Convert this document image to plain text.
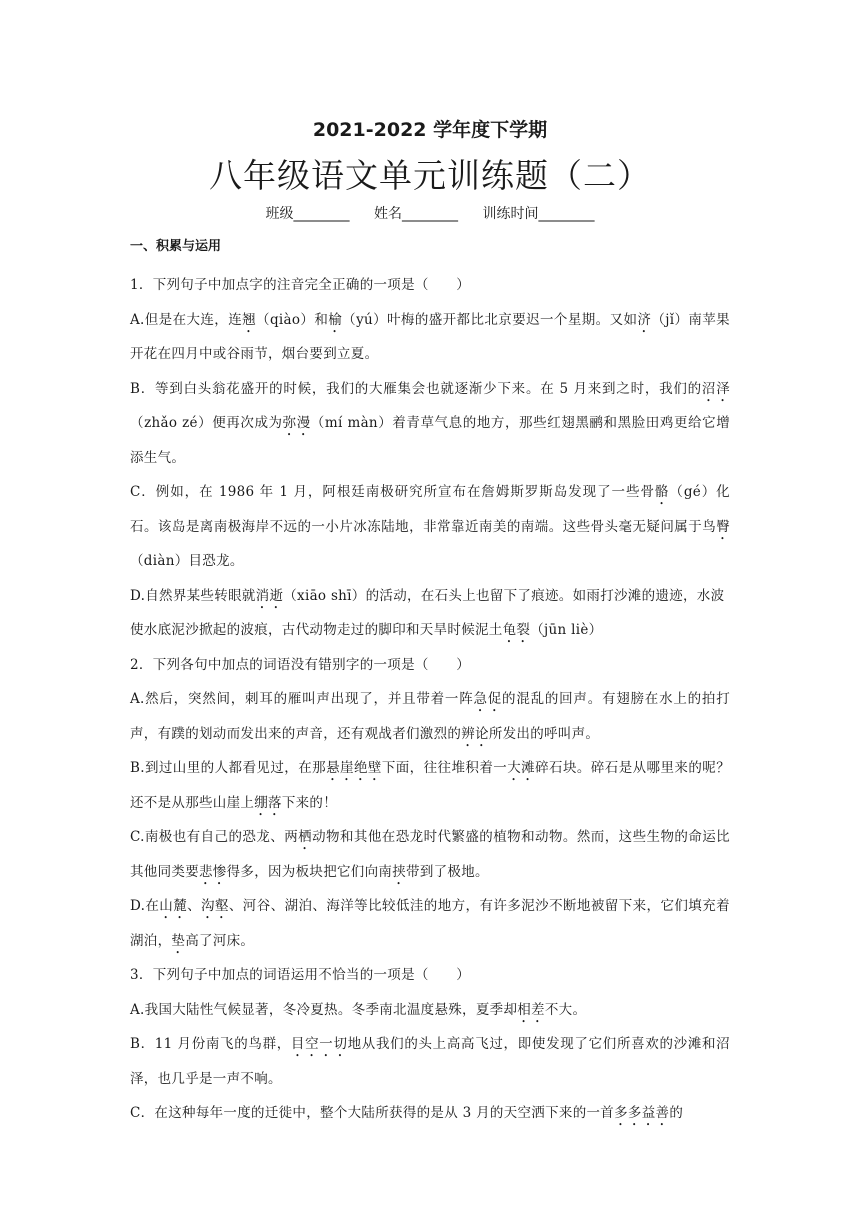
2021-2022 学年度下学期
八年级语文单元训练题（二）
班级________ 姓名________ 训练时间________
一、积累与运用

1．下列句子中加点字的注音完全正确的一项是（　　）

A.但是在大连，连翘（qiào）和榆（yú）叶梅的盛开都比北京要迟一个星期。又如济（jǐ）南苹果开花在四月中或谷雨节，烟台要到立夏。

B．等到白头翁花盛开的时候，我们的大雁集会也就逐渐少下来。在 5 月来到之时，我们的沼泽（zhǎo zé）便再次成为弥漫（mí màn）着青草气息的地方，那些红翅黑鹂和黑脸田鸡更给它增添生气。

C．例如，在 1986 年 1 月，阿根廷南极研究所宣布在詹姆斯罗斯岛发现了一些骨骼（gé）化石。该岛是离南极海岸不远的一小片冰冻陆地，非常靠近南美的南端。这些骨头毫无疑问属于鸟臀（diàn）目恐龙。

D.自然界某些转眼就消逝（xiāo shī）的活动，在石头上也留下了痕迹。如雨打沙滩的遗迹，水波使水底泥沙掀起的波痕，古代动物走过的脚印和天旱时候泥土龟裂（jūn liè）

2．下列各句中加点的词语没有错别字的一项是（　　）

A.然后，突然间，刺耳的雁叫声出现了，并且带着一阵急促的混乱的回声。有翅膀在水上的拍打声，有蹼的划动而发出来的声音，还有观战者们激烈的辨论所发出的呼叫声。

B.到过山里的人都看见过，在那悬崖绝壁下面，往往堆积着一大滩碎石块。碎石是从哪里来的呢？还不是从那些山崖上绷落下来的！

C.南极也有自己的恐龙、两栖动物和其他在恐龙时代繁盛的植物和动物。然而，这些生物的命运比其他同类要悲惨得多，因为板块把它们向南挟带到了极地。

D.在山麓、沟壑、河谷、湖泊、海洋等比较低洼的地方，有许多泥沙不断地被留下来，它们填充着湖泊，垫高了河床。

3．下列句子中加点的词语运用不恰当的一项是（　　）

A.我国大陆性气候显著，冬冷夏热。冬季南北温度悬殊，夏季却相差不大。

B．11 月份南飞的鸟群，目空一切地从我们的头上高高飞过，即使发现了它们所喜欢的沙滩和沼泽，也几乎是一声不响。

C．在这种每年一度的迁徙中，整个大陆所获得的是从 3 月的天空洒下来的一首多多益善的
